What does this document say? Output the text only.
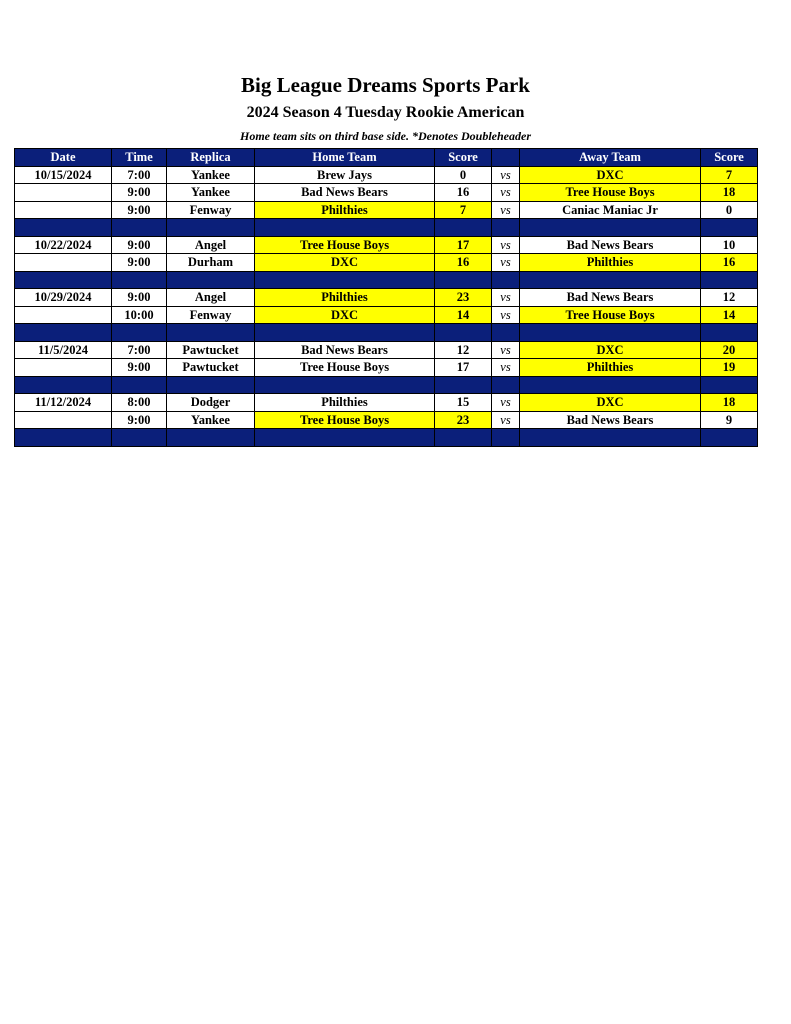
Big League Dreams Sports Park
2024 Season 4 Tuesday Rookie American
Home team sits on third base side. *Denotes Doubleheader
Date	Time	Replica	Home Team	Score		Away Team	Score
10/15/2024	7:00	Yankee	Brew Jays	0	vs	DXC	7
	9:00	Yankee	Bad News Bears	16	vs	Tree House Boys	18
	9:00	Fenway	Philthies	7	vs	Caniac Maniac Jr	0

10/22/2024	9:00	Angel	Tree House Boys	17	vs	Bad News Bears	10
	9:00	Durham	DXC	16	vs	Philthies	16

10/29/2024	9:00	Angel	Philthies	23	vs	Bad News Bears	12
	10:00	Fenway	DXC	14	vs	Tree House Boys	14

11/5/2024	7:00	Pawtucket	Bad News Bears	12	vs	DXC	20
	9:00	Pawtucket	Tree House Boys	17	vs	Philthies	19

11/12/2024	8:00	Dodger	Philthies	15	vs	DXC	18
	9:00	Yankee	Tree House Boys	23	vs	Bad News Bears	9
